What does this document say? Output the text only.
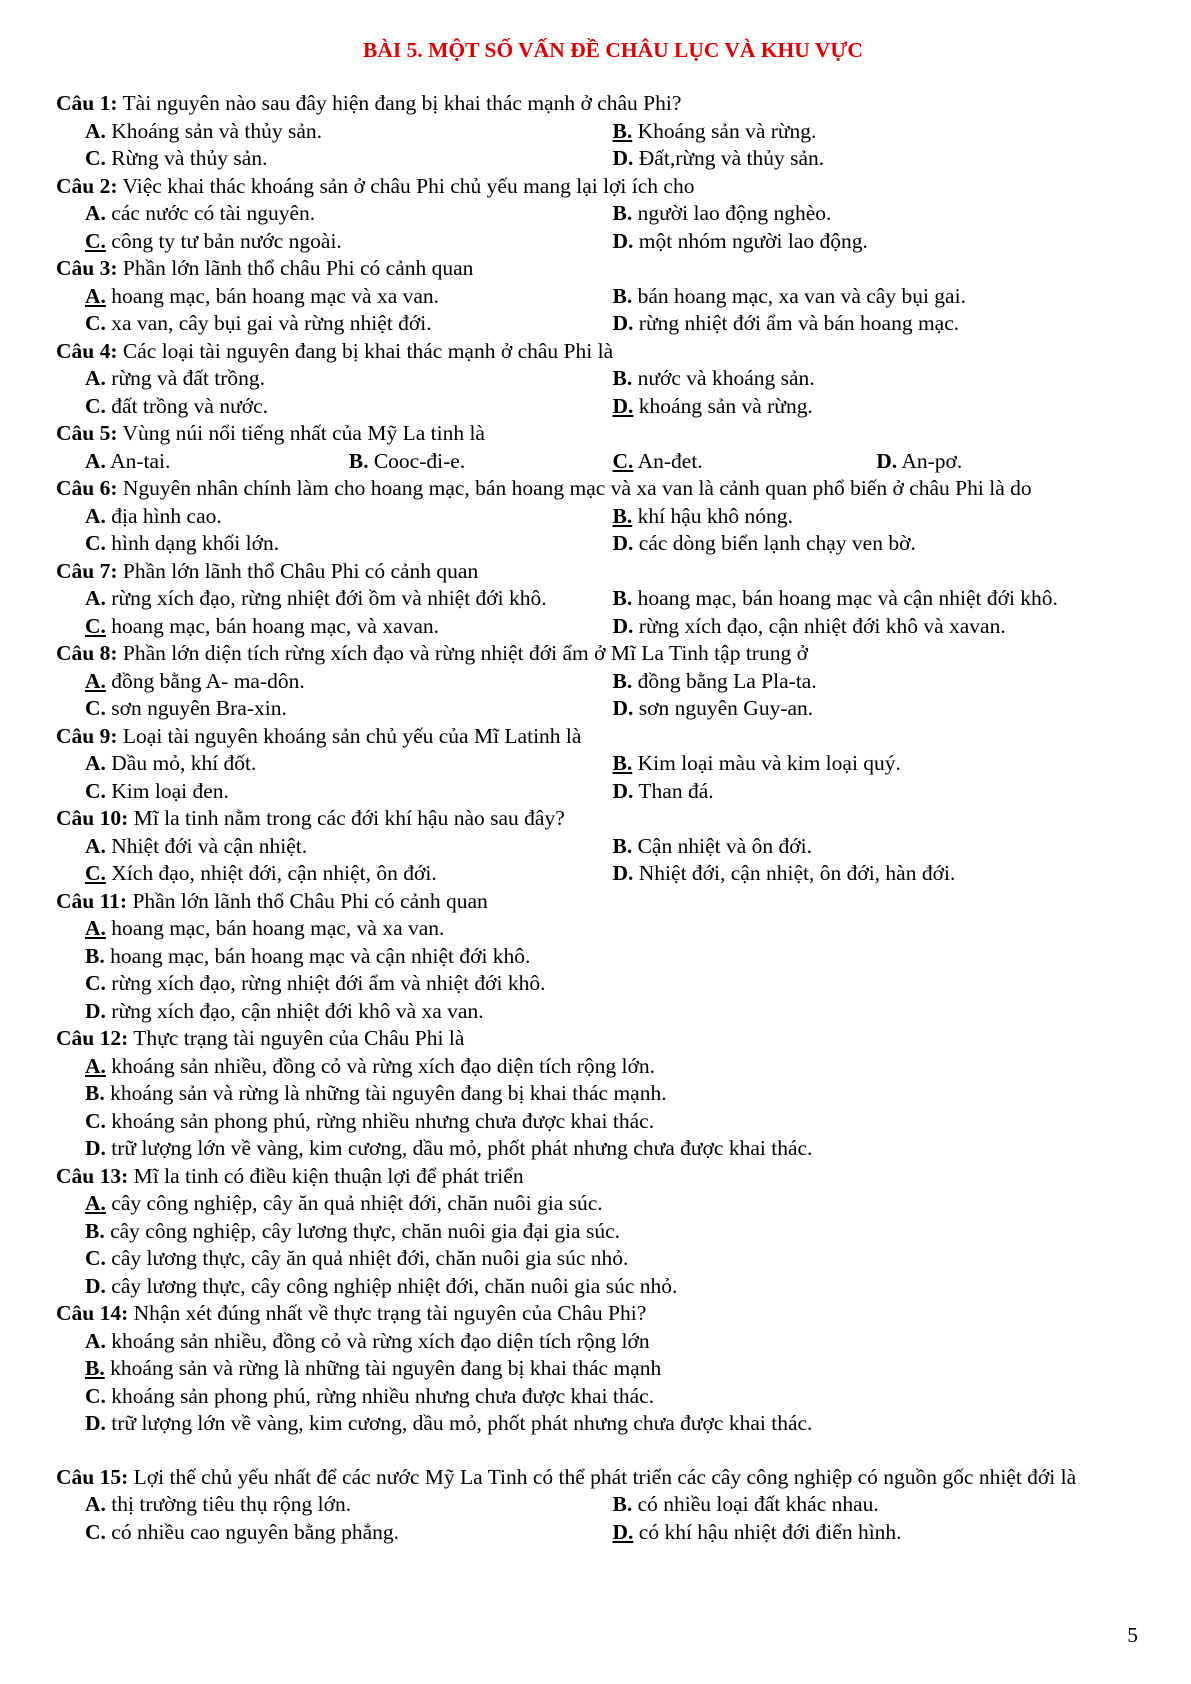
BÀI 5. MỘT SỐ VẤN ĐỀ CHÂU LỤC VÀ KHU VỰC
Câu 1: Tài nguyên nào sau đây hiện đang bị khai thác mạnh ở châu Phi?
A. Khoáng sản và thủy sản.	B. Khoáng sản và rừng.
C. Rừng và thủy sản.	D. Đất,rừng và thủy sản.
Câu 2: Việc khai thác khoáng sản ở châu Phi chủ yếu mang lại lợi ích cho
A. các nước có tài nguyên.	B. người lao động nghèo.
C. công ty tư bản nước ngoài.	D. một nhóm người lao động.
Câu 3: Phần lớn lãnh thổ châu Phi có cảnh quan
A. hoang mạc, bán hoang mạc và xa van.	B. bán hoang mạc, xa van và cây bụi gai.
C. xa van, cây bụi gai và rừng nhiệt đới.	D. rừng nhiệt đới ẩm và bán hoang mạc.
Câu 4: Các loại tài nguyên đang bị khai thác mạnh ở châu Phi là
A. rừng và đất trồng.	B. nước và khoáng sản.
C. đất trồng và nước.	D. khoáng sản và rừng.
Câu 5: Vùng núi nổi tiếng nhất của Mỹ La tinh là
A. An-tai.	B. Cooc-đi-e.	C. An-đet.	D. An-pơ.
Câu 6: Nguyên nhân chính làm cho hoang mạc, bán hoang mạc và xa van là cảnh quan phổ biến ở châu Phi là do
A. địa hình cao.	B. khí hậu khô nóng.
C. hình dạng khối lớn.	D. các dòng biển lạnh chạy ven bờ.
Câu 7: Phần lớn lãnh thổ Châu Phi có cảnh quan
A. rừng xích đạo, rừng nhiệt đới ồm và nhiệt đới khô.	B. hoang mạc, bán hoang mạc và cận nhiệt đới khô.
C. hoang mạc, bán hoang mạc, và xavan.	D. rừng xích đạo, cận nhiệt đới khô và xavan.
Câu 8: Phần lớn diện tích rừng xích đạo và rừng nhiệt đới ẩm ở Mĩ La Tinh tập trung ở
A. đồng bằng A- ma-dôn.	B. đồng bằng La Pla-ta.
C. sơn nguyên Bra-xin.	D. sơn nguyên Guy-an.
Câu 9: Loại tài nguyên khoáng sản chủ yếu của Mĩ Latinh là
A. Dầu mỏ, khí đốt.	B. Kim loại màu và kim loại quý.
C. Kim loại đen.	D. Than đá.
Câu 10: Mĩ la tinh nằm trong các đới khí hậu nào sau đây?
A. Nhiệt đới và cận nhiệt.	B. Cận nhiệt và ôn đới.
C. Xích đạo, nhiệt đới, cận nhiệt, ôn đới.	D. Nhiệt đới, cận nhiệt, ôn đới, hàn đới.
Câu 11: Phần lớn lãnh thổ Châu Phi có cảnh quan
A. hoang mạc, bán hoang mạc, và xa van.
B. hoang mạc, bán hoang mạc và cận nhiệt đới khô.
C. rừng xích đạo, rừng nhiệt đới ẩm và nhiệt đới khô.
D. rừng xích đạo, cận nhiệt đới khô và xa van.
Câu 12: Thực trạng tài nguyên của Châu Phi là
A. khoáng sản nhiều, đồng cỏ và rừng xích đạo diện tích rộng lớn.
B. khoáng sản và rừng là những tài nguyên đang bị khai thác mạnh.
C. khoáng sản phong phú, rừng nhiều nhưng chưa được khai thác.
D. trữ lượng lớn về vàng, kim cương, dầu mỏ, phốt phát nhưng chưa được khai thác.
Câu 13: Mĩ la tinh có điều kiện thuận lợi để phát triển
A. cây công nghiệp, cây ăn quả nhiệt đới, chăn nuôi gia súc.
B. cây công nghiệp, cây lương thực, chăn nuôi gia đại gia súc.
C. cây lương thực, cây ăn quả nhiệt đới, chăn nuôi gia súc nhỏ.
D. cây lương thực, cây công nghiệp nhiệt đới, chăn nuôi gia súc nhỏ.
Câu 14: Nhận xét đúng nhất về thực trạng tài nguyên của Châu Phi?
A. khoáng sản nhiều, đồng cỏ và rừng xích đạo diện tích rộng lớn
B. khoáng sản và rừng là những tài nguyên đang bị khai thác mạnh
C. khoáng sản phong phú, rừng nhiều nhưng chưa được khai thác.
D. trữ lượng lớn về vàng, kim cương, dầu mỏ, phốt phát nhưng chưa được khai thác.
Câu 15: Lợi thế chủ yếu nhất để các nước Mỹ La Tinh có thể phát triển các cây công nghiệp có nguồn gốc nhiệt đới là
A. thị trường tiêu thụ rộng lớn.	B. có nhiều loại đất khác nhau.
C. có nhiều cao nguyên bằng phẳng.	D. có khí hậu nhiệt đới điển hình.
5
